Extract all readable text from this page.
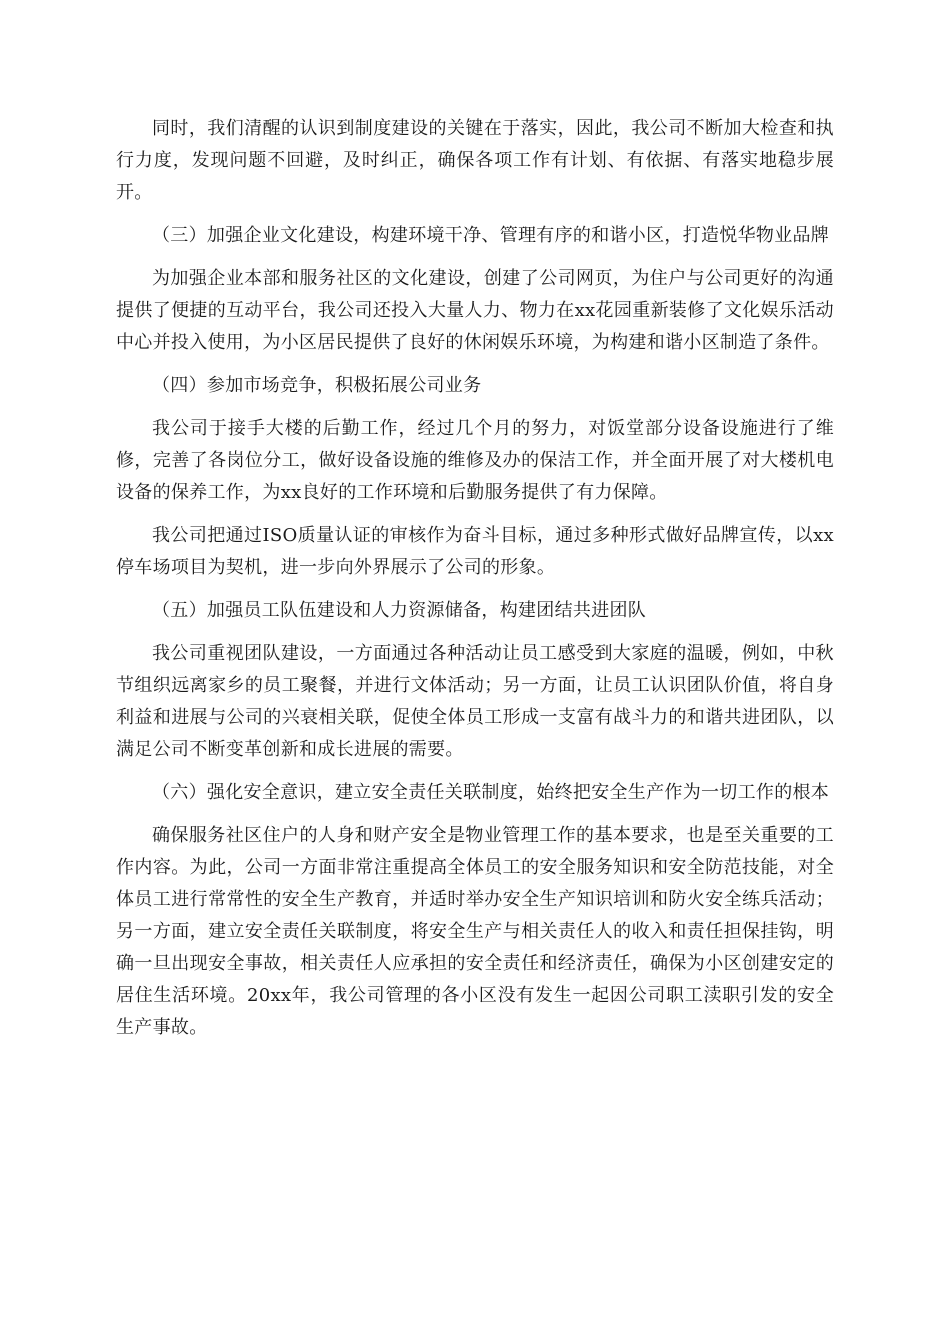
同时，我们清醒的认识到制度建设的关键在于落实，因此，我公司不断加大检查和执行力度，发现问题不回避，及时纠正，确保各项工作有计划、有依据、有落实地稳步展开。

（三）加强企业文化建设，构建环境干净、管理有序的和谐小区，打造悦华物业品牌

为加强企业本部和服务社区的文化建设，创建了公司网页，为住户与公司更好的沟通提供了便捷的互动平台，我公司还投入大量人力、物力在xx花园重新装修了文化娱乐活动中心并投入使用，为小区居民提供了良好的休闲娱乐环境，为构建和谐小区制造了条件。

（四）参加市场竞争，积极拓展公司业务

我公司于接手大楼的后勤工作，经过几个月的努力，对饭堂部分设备设施进行了维修，完善了各岗位分工，做好设备设施的维修及办的保洁工作，并全面开展了对大楼机电设备的保养工作，为xx良好的工作环境和后勤服务提供了有力保障。

我公司把通过ISO质量认证的审核作为奋斗目标，通过多种形式做好品牌宣传，以xx停车场项目为契机，进一步向外界展示了公司的形象。

（五）加强员工队伍建设和人力资源储备，构建团结共进团队

我公司重视团队建设，一方面通过各种活动让员工感受到大家庭的温暖，例如，中秋节组织远离家乡的员工聚餐，并进行文体活动；另一方面，让员工认识团队价值，将自身利益和进展与公司的兴衰相关联，促使全体员工形成一支富有战斗力的和谐共进团队，以满足公司不断变革创新和成长进展的需要。

（六）强化安全意识，建立安全责任关联制度，始终把安全生产作为一切工作的根本

确保服务社区住户的人身和财产安全是物业管理工作的基本要求，也是至关重要的工作内容。为此，公司一方面非常注重提高全体员工的安全服务知识和安全防范技能，对全体员工进行常常性的安全生产教育，并适时举办安全生产知识培训和防火安全练兵活动；另一方面，建立安全责任关联制度，将安全生产与相关责任人的收入和责任担保挂钩，明确一旦出现安全事故，相关责任人应承担的安全责任和经济责任，确保为小区创建安定的居住生活环境。20xx年，我公司管理的各小区没有发生一起因公司职工渎职引发的安全生产事故。
